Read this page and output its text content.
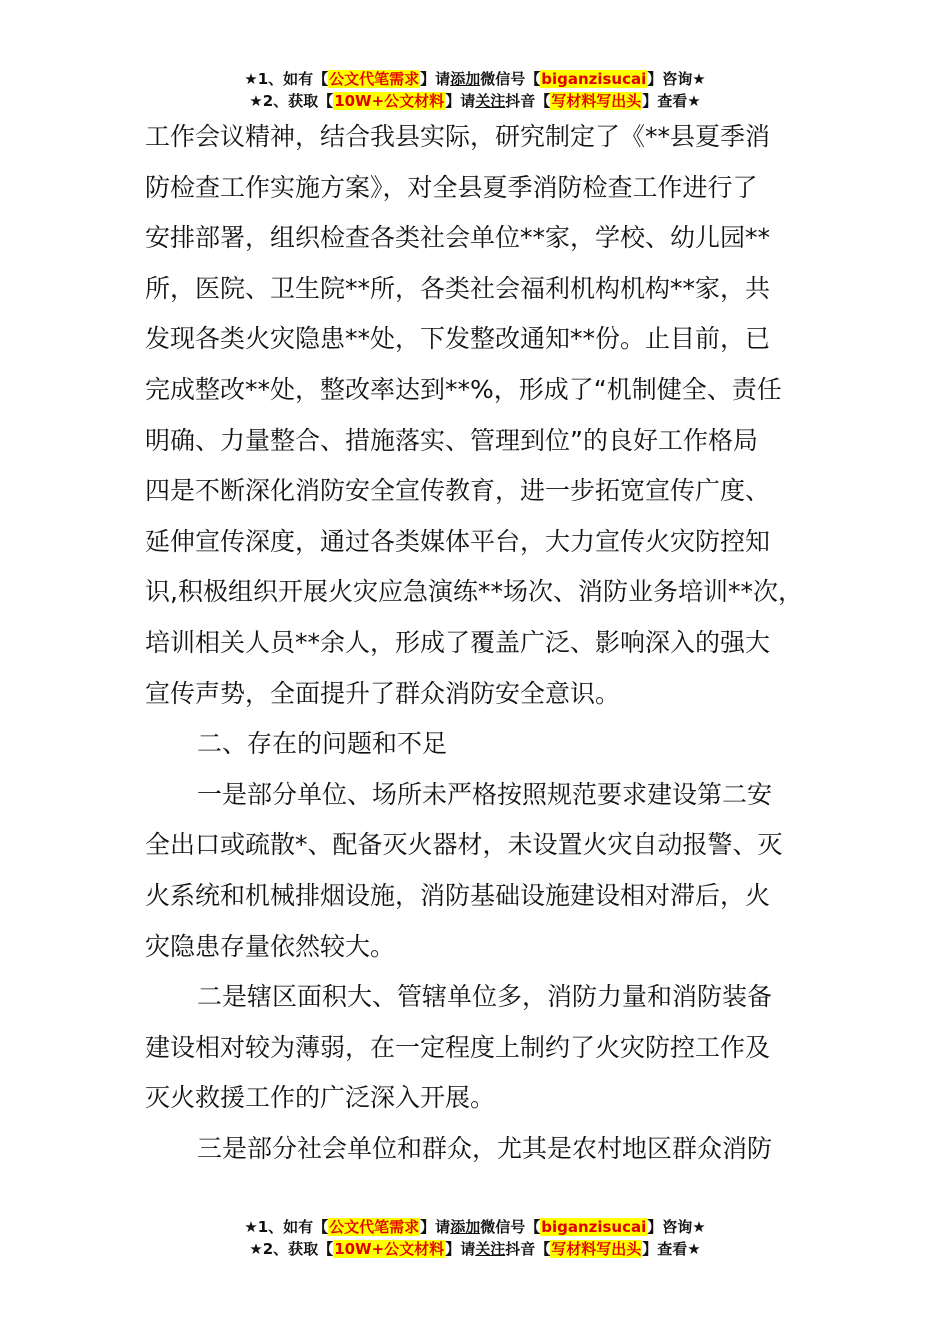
★1、如有【公文代笔需求】请添加微信号【biganzisucai】咨询★
★2、获取【10W+公文材料】请关注抖音【写材料写出头】查看★
工作会议精神，结合我县实际，研究制定了《**县夏季消
防检查工作实施方案》，对全县夏季消防检查工作进行了
安排部署，组织检查各类社会单位**家，学校、幼儿园**
所，医院、卫生院**所，各类社会福利机构机构**家，共
发现各类火灾隐患**处，下发整改通知**份。止目前，已
完成整改**处，整改率达到**%，形成了“机制健全、责任
明确、力量整合、措施落实、管理到位”的良好工作格局
四是不断深化消防安全宣传教育，进一步拓宽宣传广度、
延伸宣传深度，通过各类媒体平台，大力宣传火灾防控知
识,积极组织开展火灾应急演练**场次、消防业务培训**次，
培训相关人员**余人，形成了覆盖广泛、影响深入的强大
宣传声势，全面提升了群众消防安全意识。
二、存在的问题和不足
一是部分单位、场所未严格按照规范要求建设第二安
全出口或疏散*、配备灭火器材，未设置火灾自动报警、灭
火系统和机械排烟设施，消防基础设施建设相对滞后，火
灾隐患存量依然较大。
二是辖区面积大、管辖单位多，消防力量和消防装备
建设相对较为薄弱，在一定程度上制约了火灾防控工作及
灭火救援工作的广泛深入开展。
三是部分社会单位和群众，尤其是农村地区群众消防
★1、如有【公文代笔需求】请添加微信号【biganzisucai】咨询★
★2、获取【10W+公文材料】请关注抖音【写材料写出头】查看★
